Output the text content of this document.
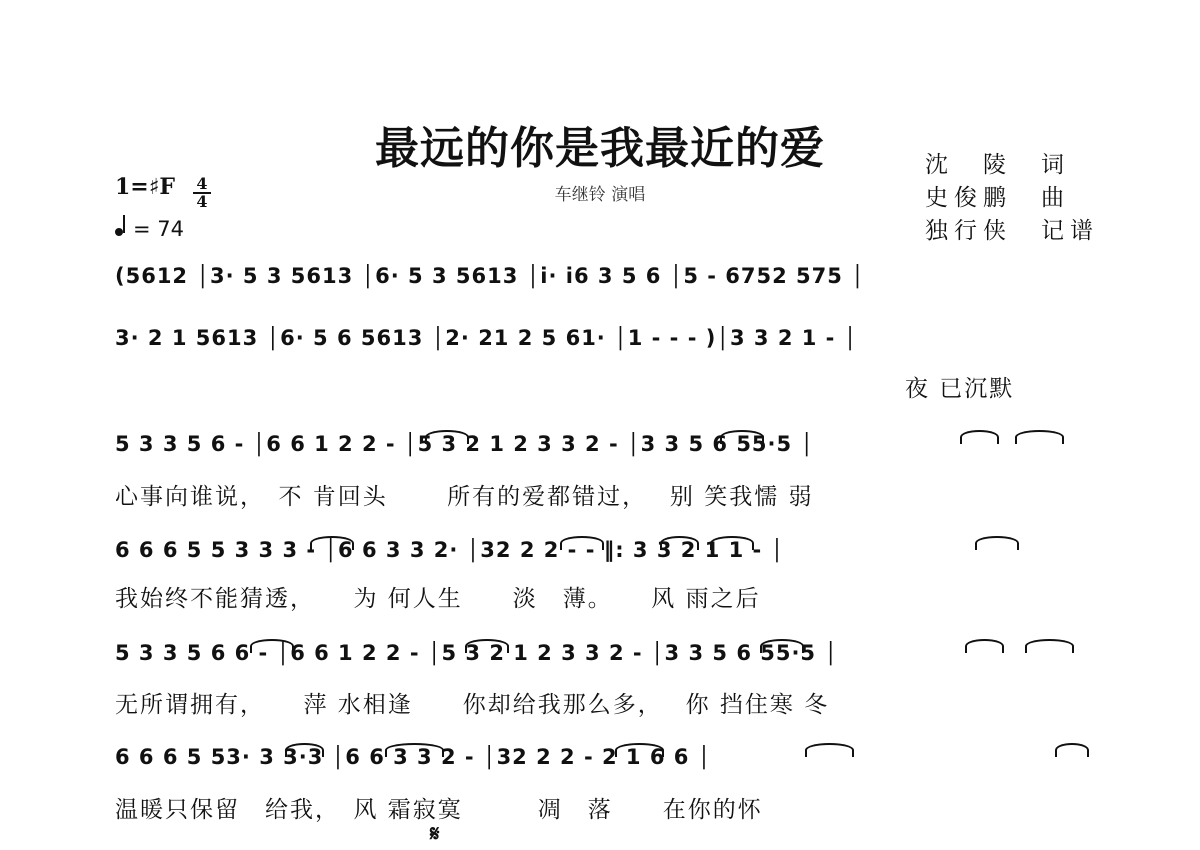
最远的你是我最近的爱
车继铃 演唱
沈　陵　词
史俊鹏　曲
独行侠　记谱
1=♯F 4
4
= 74
(5612 │3· 5 3 5613 │6· 5 3 5613 │i· i6 3 5 6 │5 - 6752 575 │
3· 2 1 5613 │6· 5 6 5613 │2· 21 2 5 61· │1 - - - )│3 3 2 1 - │
夜 已沉默
5 3 3 5 6 - │6 6 1 2 2 - │5 3 2 1 2 3 3 2 - │3 3 5 6 55·5 │
心事向谁说，　不 肯回头　　 所有的爱都错过，　 别 笑我懦 弱
6 6 6 5 5 3 3 3 - │6 6 3 3 2· │32 2 2 - - ‖: 3 3 2 1 1 - │
我始终不能猜透，　　为 何人生　　淡　薄。　　风 雨之后
5 3 3 5 6 6 - │6 6 1 2 2 - │5 3 2 1 2 3 3 2 - │3 3 5 6 55·5 │
无所谓拥有，　　萍 水相逢　　你却给我那么多，　 你 挡住寒 冬
6 6 6 5 53· 3 3·3 │6 6 3 3 2 - │32 2 2 - 2 1 6 6 │
温暖只保留　给我，　风 霜寂寞　　　凋　落　　在你的怀
𝄋
